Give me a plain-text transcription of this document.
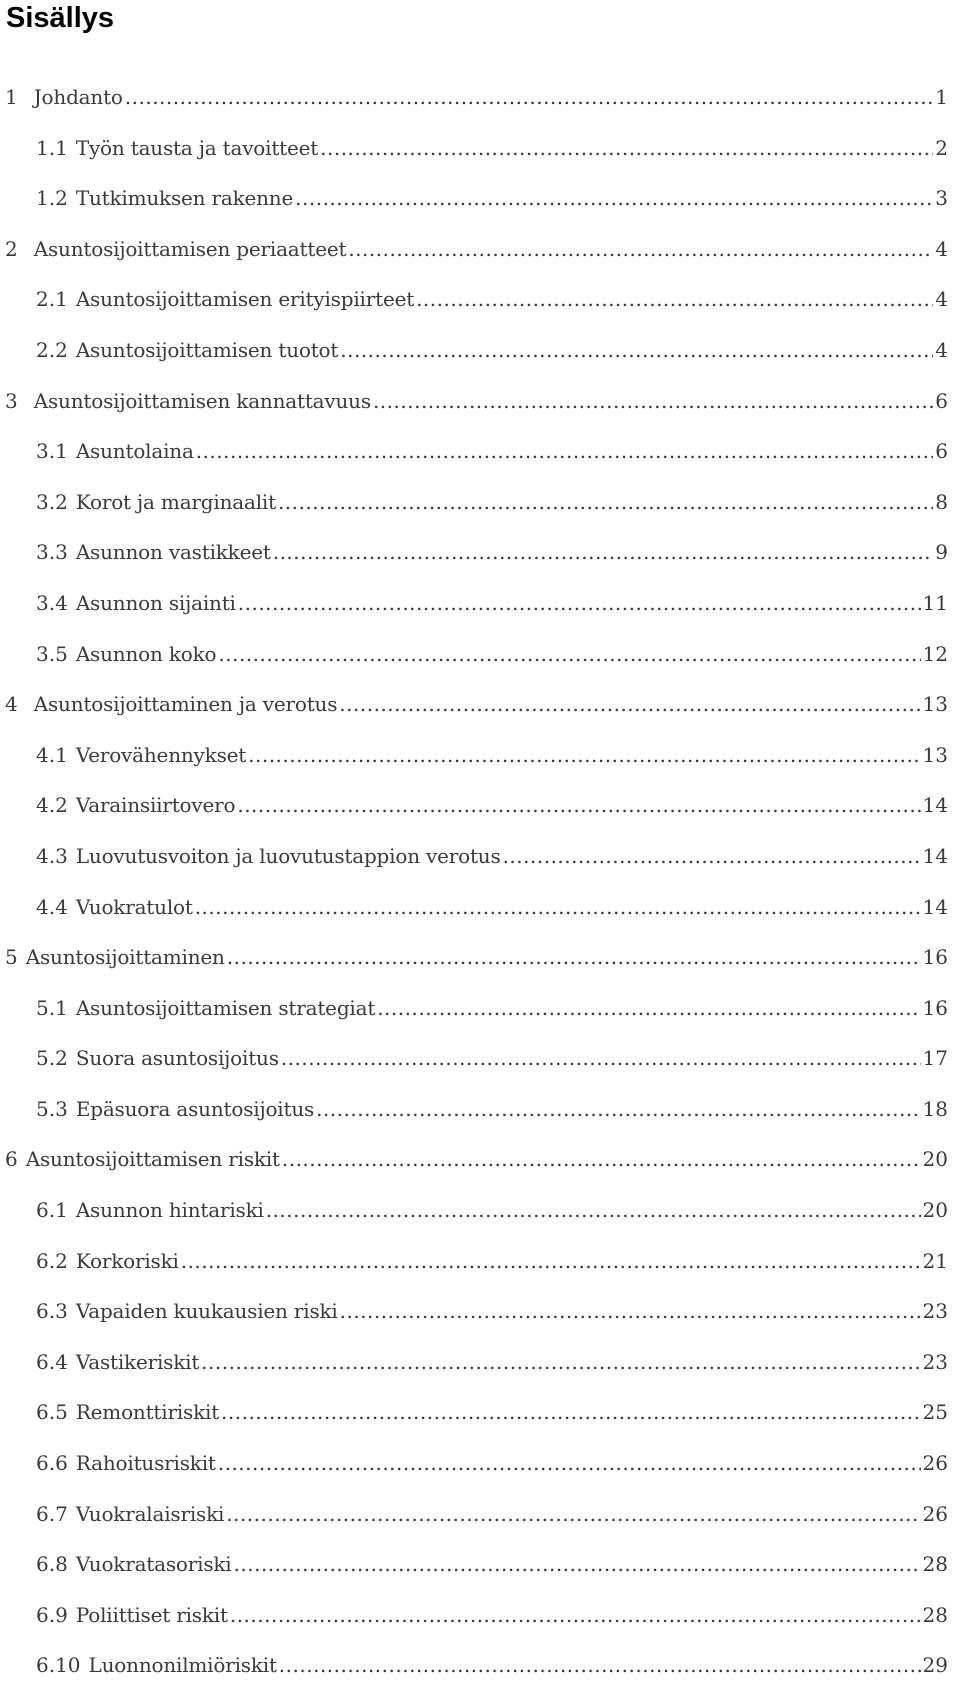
Sisällys
1 Johdanto .....	1
1.1 Työn tausta ja tavoitteet .....	2
1.2 Tutkimuksen rakenne .....	3
2 Asuntosijoittamisen periaatteet .....	4
2.1 Asuntosijoittamisen erityispiirteet .....	4
2.2 Asuntosijoittamisen tuotot .....	4
3 Asuntosijoittamisen kannattavuus .....	6
3.1 Asuntolaina .....	6
3.2 Korot ja marginaalit .....	8
3.3 Asunnon vastikkeet .....	9
3.4 Asunnon sijainti .....	11
3.5 Asunnon koko .....	12
4 Asuntosijoittaminen ja verotus .....	13
4.1 Verovähennykset .....	13
4.2 Varainsiirtovero .....	14
4.3 Luovutusvoiton ja luovutustappion verotus .....	14
4.4 Vuokratulot .....	14
5 Asuntosijoittaminen .....	16
5.1 Asuntosijoittamisen strategiat .....	16
5.2 Suora asuntosijoitus .....	17
5.3 Epäsuora asuntosijoitus .....	18
6 Asuntosijoittamisen riskit .....	20
6.1 Asunnon hintariski .....	20
6.2 Korkoriski .....	21
6.3 Vapaiden kuukausien riski .....	23
6.4 Vastikeriskit .....	23
6.5 Remonttiriskit .....	25
6.6 Rahoitusriskit .....	26
6.7 Vuokralaisriski .....	26
6.8 Vuokratasoriski .....	28
6.9 Poliittiset riskit .....	28
6.10 Luonnonilmiöriskit .....	29
